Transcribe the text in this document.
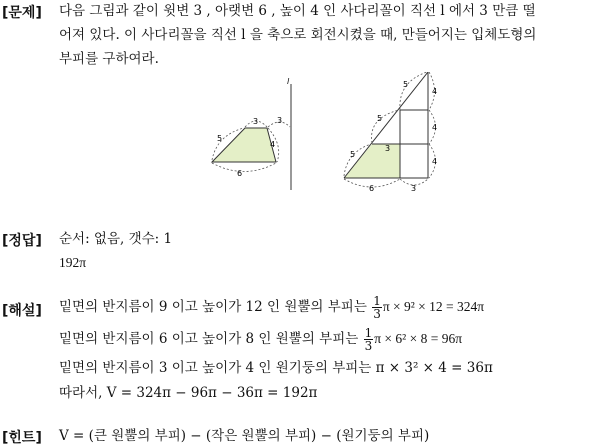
[문제] 다음 그림과 같이 윗변 3 , 아랫변 6 , 높이 4 인 사다리꼴이 직선 l 에서 3 만큼 떨
어져 있다. 이 사다리꼴을 직선 l 을 축으로 회전시켰을 때, 만들어지는 입체도형의
부피를 구하여라.
l
3
5
4
6
3
5
4
5
4
3
5
4
6	3
[정답] 순서: 없음, 갯수: 1
192π
[해설] 밑면의 반지름이 9 이고 높이가 12 인 원뿔의 부피는 $\frac{1}{3}$ π × 9² × 12 = 324π
밑면의 반지름이 6 이고 높이가 8 인 원뿔의 부피는 $\frac{1}{3}$ π × 6² × 8 = 96π
밑면의 반지름이 3 이고 높이가 4 인 원기둥의 부피는 π × 3² × 4 = 36π
따라서, V = 324π − 96π − 36π = 192π
[힌트] V = (큰 원뿔의 부피) − (작은 원뿔의 부피) − (원기둥의 부피)
